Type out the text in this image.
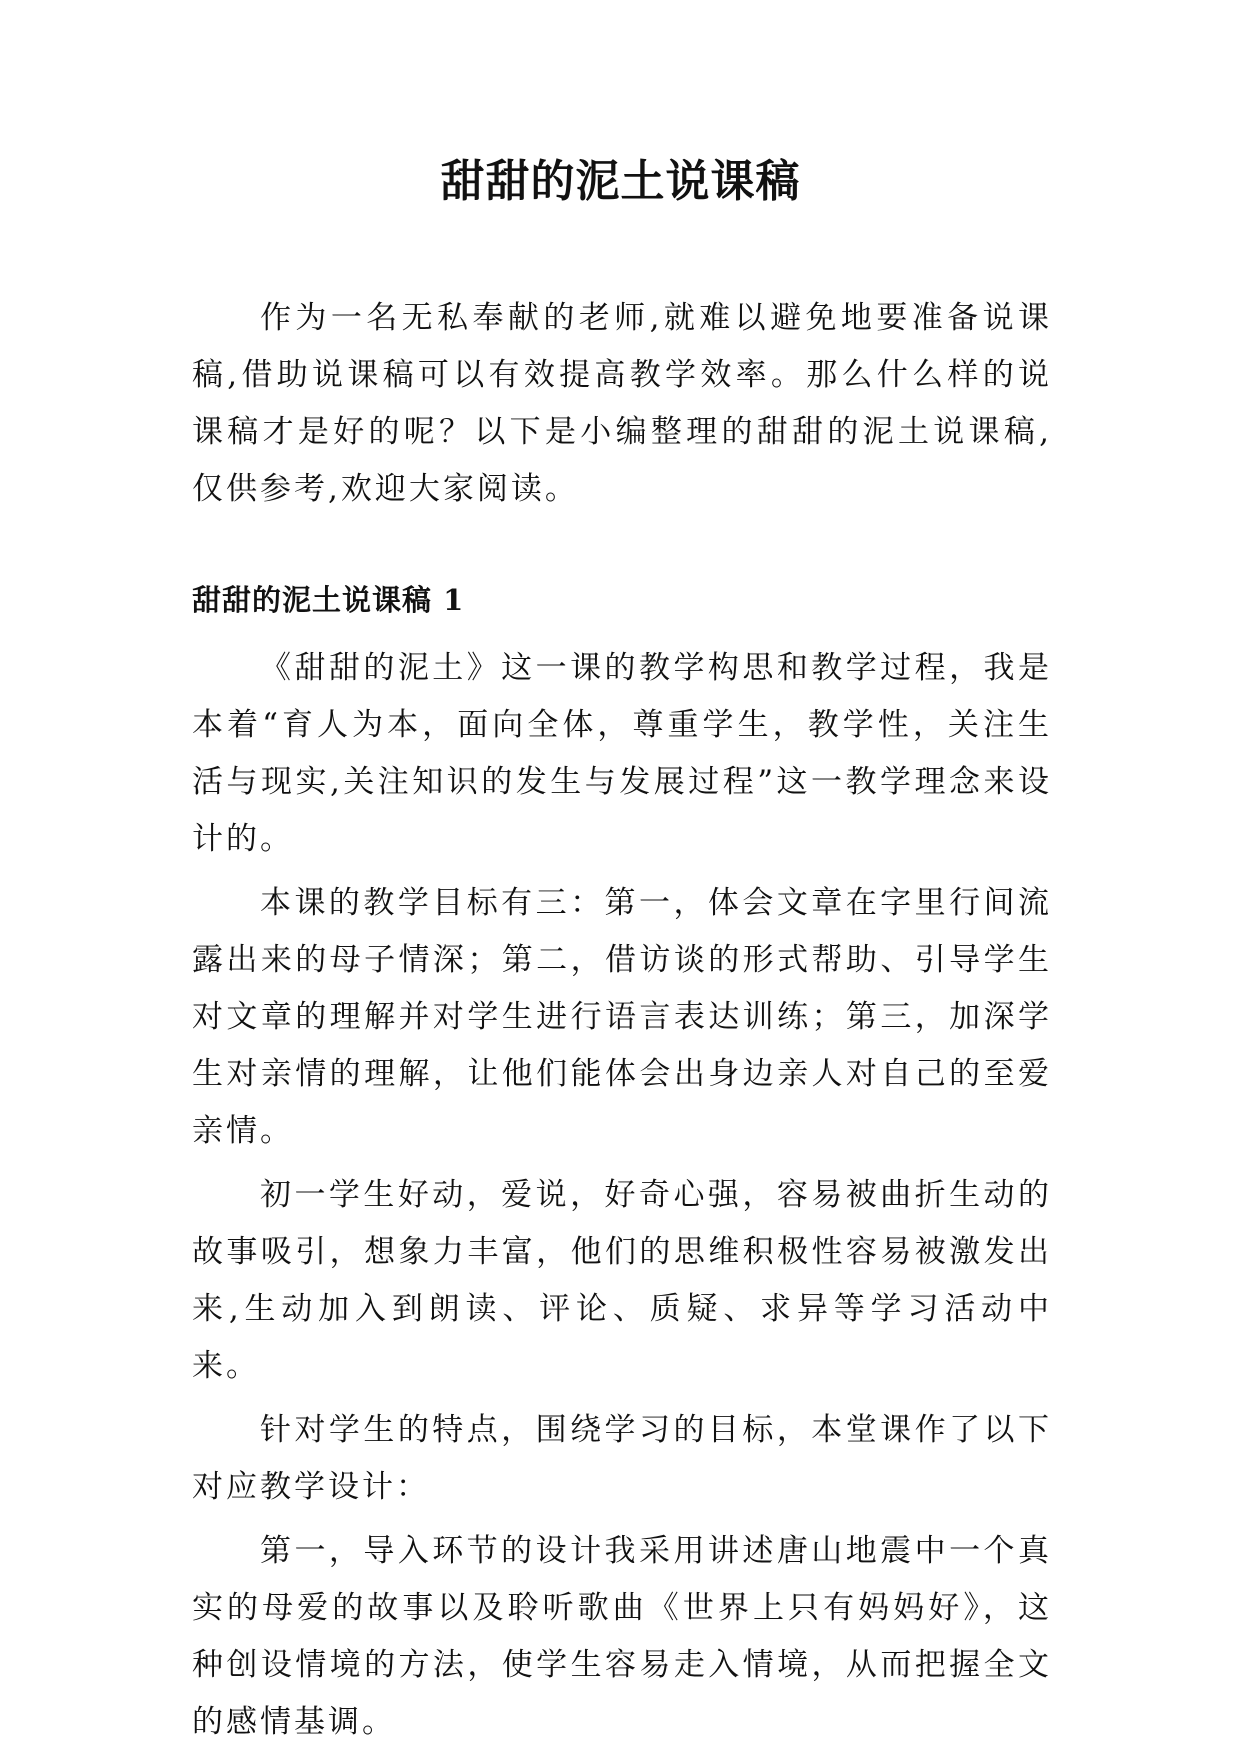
甜甜的泥土说课稿

作为一名无私奉献的老师,就难以避免地要准备说课稿,借助说课稿可以有效提高教学效率。那么什么样的说课稿才是好的呢？以下是小编整理的甜甜的泥土说课稿,仅供参考,欢迎大家阅读。

甜甜的泥土说课稿 1

《甜甜的泥土》这一课的教学构思和教学过程，我是本着“育人为本，面向全体，尊重学生，教学性，关注生活与现实,关注知识的发生与发展过程”这一教学理念来设计的。

本课的教学目标有三：第一，体会文章在字里行间流露出来的母子情深；第二，借访谈的形式帮助、引导学生对文章的理解并对学生进行语言表达训练；第三，加深学生对亲情的理解，让他们能体会出身边亲人对自己的至爱亲情。

初一学生好动，爱说，好奇心强，容易被曲折生动的故事吸引，想象力丰富，他们的思维积极性容易被激发出来,生动加入到朗读、评论、质疑、求异等学习活动中来。

针对学生的特点，围绕学习的目标，本堂课作了以下对应教学设计：

第一，导入环节的设计我采用讲述唐山地震中一个真实的母爱的故事以及聆听歌曲《世界上只有妈妈好》，这种创设情境的方法，使学生容易走入情境，从而把握全文的感情基调。
